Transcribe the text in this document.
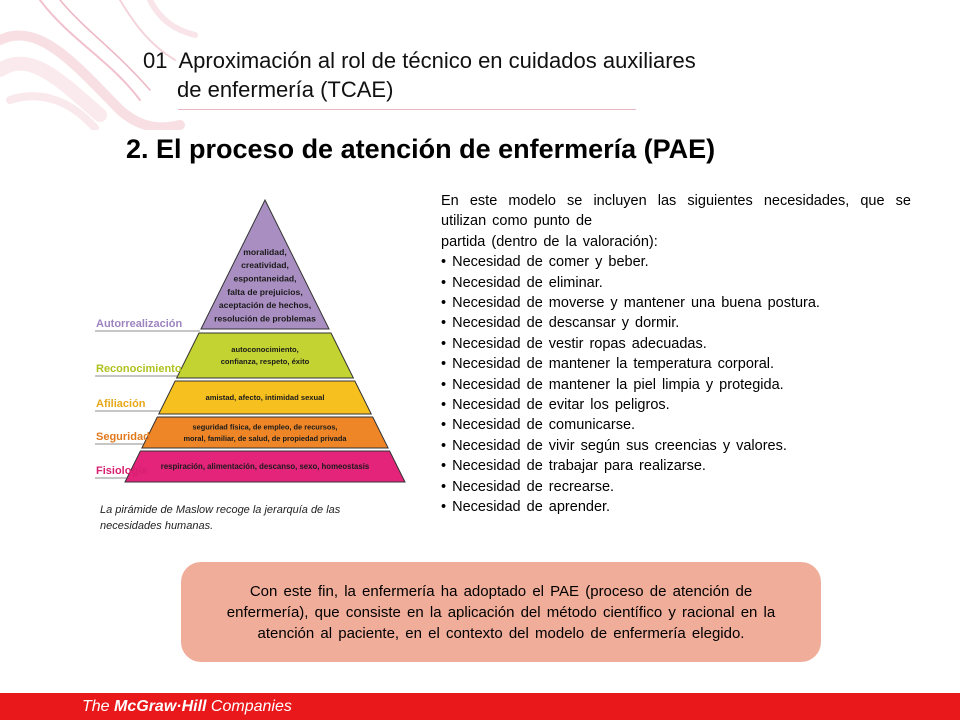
01  Aproximación al rol de técnico en cuidados auxiliares
de enfermería (TCAE)
2. El proceso de atención de enfermería (PAE)
moralidad,
creatividad,
espontaneidad,
falta de prejuicios,
aceptación de hechos,
resolución de problemas
autoconocimiento,
confianza, respeto, éxito
amistad, afecto, intimidad sexual
seguridad física, de empleo, de recursos,
moral, familiar, de salud, de propiedad privada
respiración, alimentación, descanso, sexo, homeostasis
Autorrealización
Reconocimiento
Afiliación
Seguridad
Fisiología
La pirámide de Maslow recoge la jerarquía de las necesidades humanas.

En este modelo se incluyen las siguientes necesidades, que se utilizan como punto de

partida (dentro de la valoración):

• Necesidad de comer y beber.
• Necesidad de eliminar.
• Necesidad de moverse y mantener una buena postura.
• Necesidad de descansar y dormir.
• Necesidad de vestir ropas adecuadas.
• Necesidad de mantener la temperatura corporal.
• Necesidad de mantener la piel limpia y protegida.
• Necesidad de evitar los peligros.
• Necesidad de comunicarse.
• Necesidad de vivir según sus creencias y valores.
• Necesidad de trabajar para realizarse.
• Necesidad de recrearse.
• Necesidad de aprender.

Con este fin, la enfermería ha adoptado el PAE (proceso de atención de enfermería), que consiste en la aplicación del método científico y racional en la atención al paciente, en el contexto del modelo de enfermería elegido.

The McGraw·Hill Companies
